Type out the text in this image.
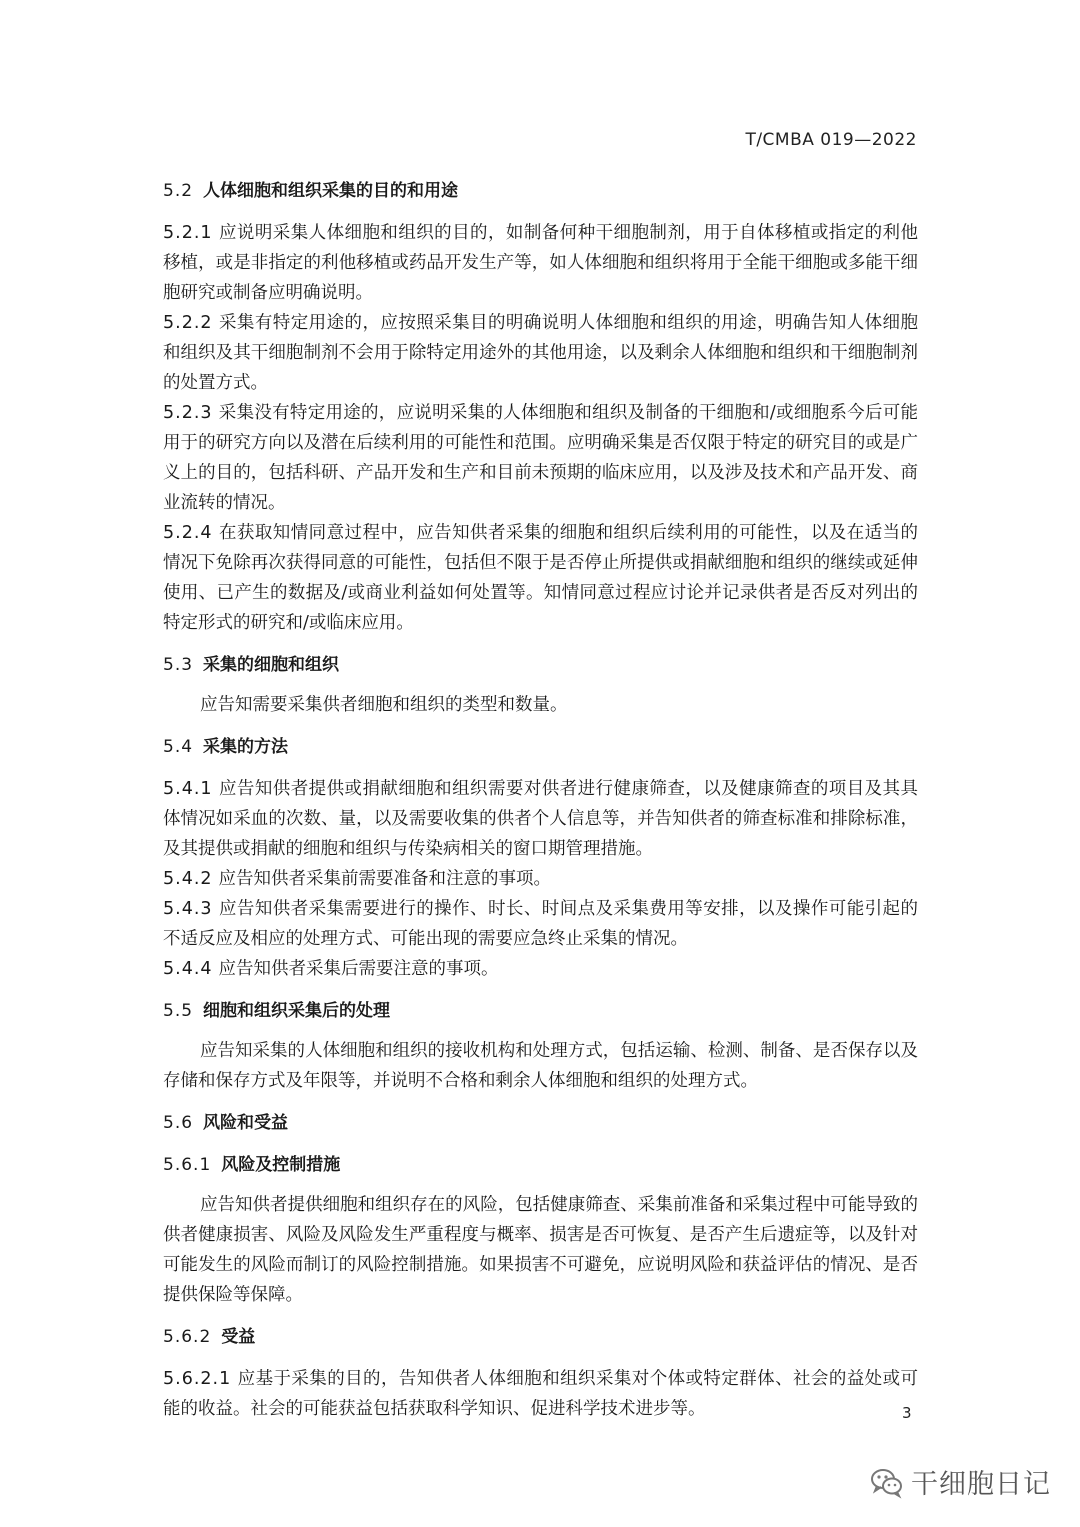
T/CMBA 019—2022
5.2 人体细胞和组织采集的目的和用途

5.2.1 应说明采集人体细胞和组织的目的，如制备何种干细胞制剂，用于自体移植或指定的利他移植，或是非指定的利他移植或药品开发生产等，如人体细胞和组织将用于全能干细胞或多能干细胞研究或制备应明确说明。

5.2.2 采集有特定用途的，应按照采集目的明确说明人体细胞和组织的用途，明确告知人体细胞和组织及其干细胞制剂不会用于除特定用途外的其他用途，以及剩余人体细胞和组织和干细胞制剂的处置方式。

5.2.3 采集没有特定用途的，应说明采集的人体细胞和组织及制备的干细胞和/或细胞系今后可能用于的研究方向以及潜在后续利用的可能性和范围。应明确采集是否仅限于特定的研究目的或是广义上的目的，包括科研、产品开发和生产和目前未预期的临床应用，以及涉及技术和产品开发、商业流转的情况。

5.2.4 在获取知情同意过程中，应告知供者采集的细胞和组织后续利用的可能性，以及在适当的情况下免除再次获得同意的可能性，包括但不限于是否停止所提供或捐献细胞和组织的继续或延伸使用、已产生的数据及/或商业利益如何处置等。知情同意过程应讨论并记录供者是否反对列出的特定形式的研究和/或临床应用。

5.3 采集的细胞和组织

应告知需要采集供者细胞和组织的类型和数量。

5.4 采集的方法

5.4.1 应告知供者提供或捐献细胞和组织需要对供者进行健康筛查，以及健康筛查的项目及其具体情况如采血的次数、量，以及需要收集的供者个人信息等，并告知供者的筛查标准和排除标准，及其提供或捐献的细胞和组织与传染病相关的窗口期管理措施。

5.4.2 应告知供者采集前需要准备和注意的事项。

5.4.3 应告知供者采集需要进行的操作、时长、时间点及采集费用等安排，以及操作可能引起的不适反应及相应的处理方式、可能出现的需要应急终止采集的情况。

5.4.4 应告知供者采集后需要注意的事项。

5.5 细胞和组织采集后的处理

应告知采集的人体细胞和组织的接收机构和处理方式，包括运输、检测、制备、是否保存以及存储和保存方式及年限等，并说明不合格和剩余人体细胞和组织的处理方式。

5.6 风险和受益
5.6.1 风险及控制措施

应告知供者提供细胞和组织存在的风险，包括健康筛查、采集前准备和采集过程中可能导致的供者健康损害、风险及风险发生严重程度与概率、损害是否可恢复、是否产生后遗症等，以及针对可能发生的风险而制订的风险控制措施。如果损害不可避免，应说明风险和获益评估的情况、是否提供保险等保障。

5.6.2 受益

5.6.2.1 应基于采集的目的，告知供者人体细胞和组织采集对个体或特定群体、社会的益处或可能的收益。社会的可能获益包括获取科学知识、促进科学技术进步等。	3
干细胞日记
